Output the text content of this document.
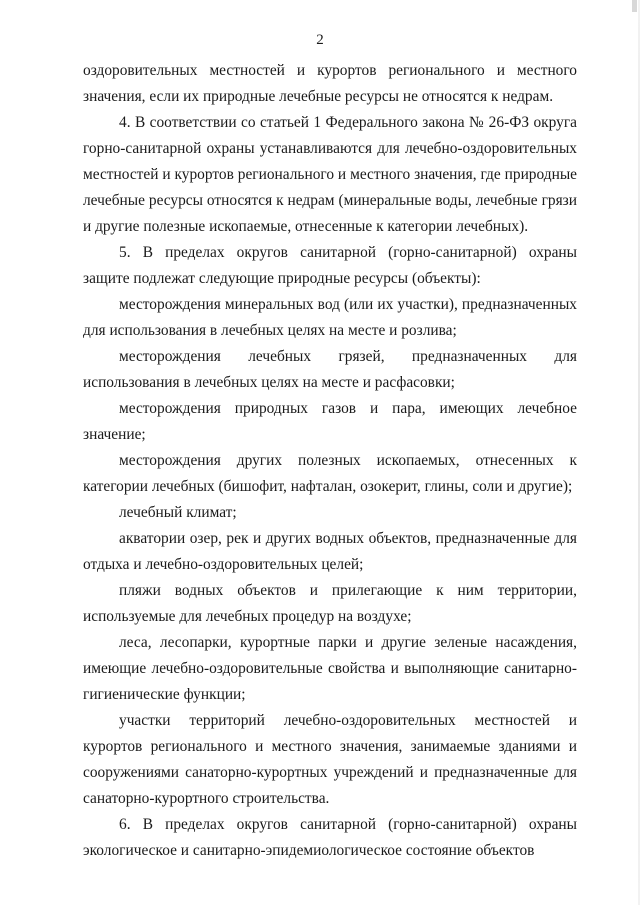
2

оздоровительных местностей и курортов регионального и местного значения, если их природные лечебные ресурсы не относятся к недрам.

4. В соответствии со статьей 1 Федерального закона № 26-ФЗ округа горно-санитарной охраны устанавливаются для лечебно-оздоровительных местностей и курортов регионального и местного значения, где природные лечебные ресурсы относятся к недрам (минеральные воды, лечебные грязи и другие полезные ископаемые, отнесенные к категории лечебных).

5. В пределах округов санитарной (горно-санитарной) охраны защите подлежат следующие природные ресурсы (объекты):

месторождения минеральных вод (или их участки), предназначенных для использования в лечебных целях на месте и розлива;

месторождения лечебных грязей, предназначенных для использования в лечебных целях на месте и расфасовки;

месторождения природных газов и пара, имеющих лечебное значение;

месторождения других полезных ископаемых, отнесенных к категории лечебных (бишофит, нафталан, озокерит, глины, соли и другие);

лечебный климат;

акватории озер, рек и других водных объектов, предназначенные для отдыха и лечебно-оздоровительных целей;

пляжи водных объектов и прилегающие к ним территории, используемые для лечебных процедур на воздухе;

леса, лесопарки, курортные парки и другие зеленые насаждения, имеющие лечебно-оздоровительные свойства и выполняющие санитарно-гигиенические функции;

участки территорий лечебно-оздоровительных местностей и курортов регионального и местного значения, занимаемые зданиями и сооружениями санаторно-курортных учреждений и предназначенные для санаторно-курортного строительства.

6. В пределах округов санитарной (горно-санитарной) охраны экологическое и санитарно-эпидемиологическое состояние объектов
